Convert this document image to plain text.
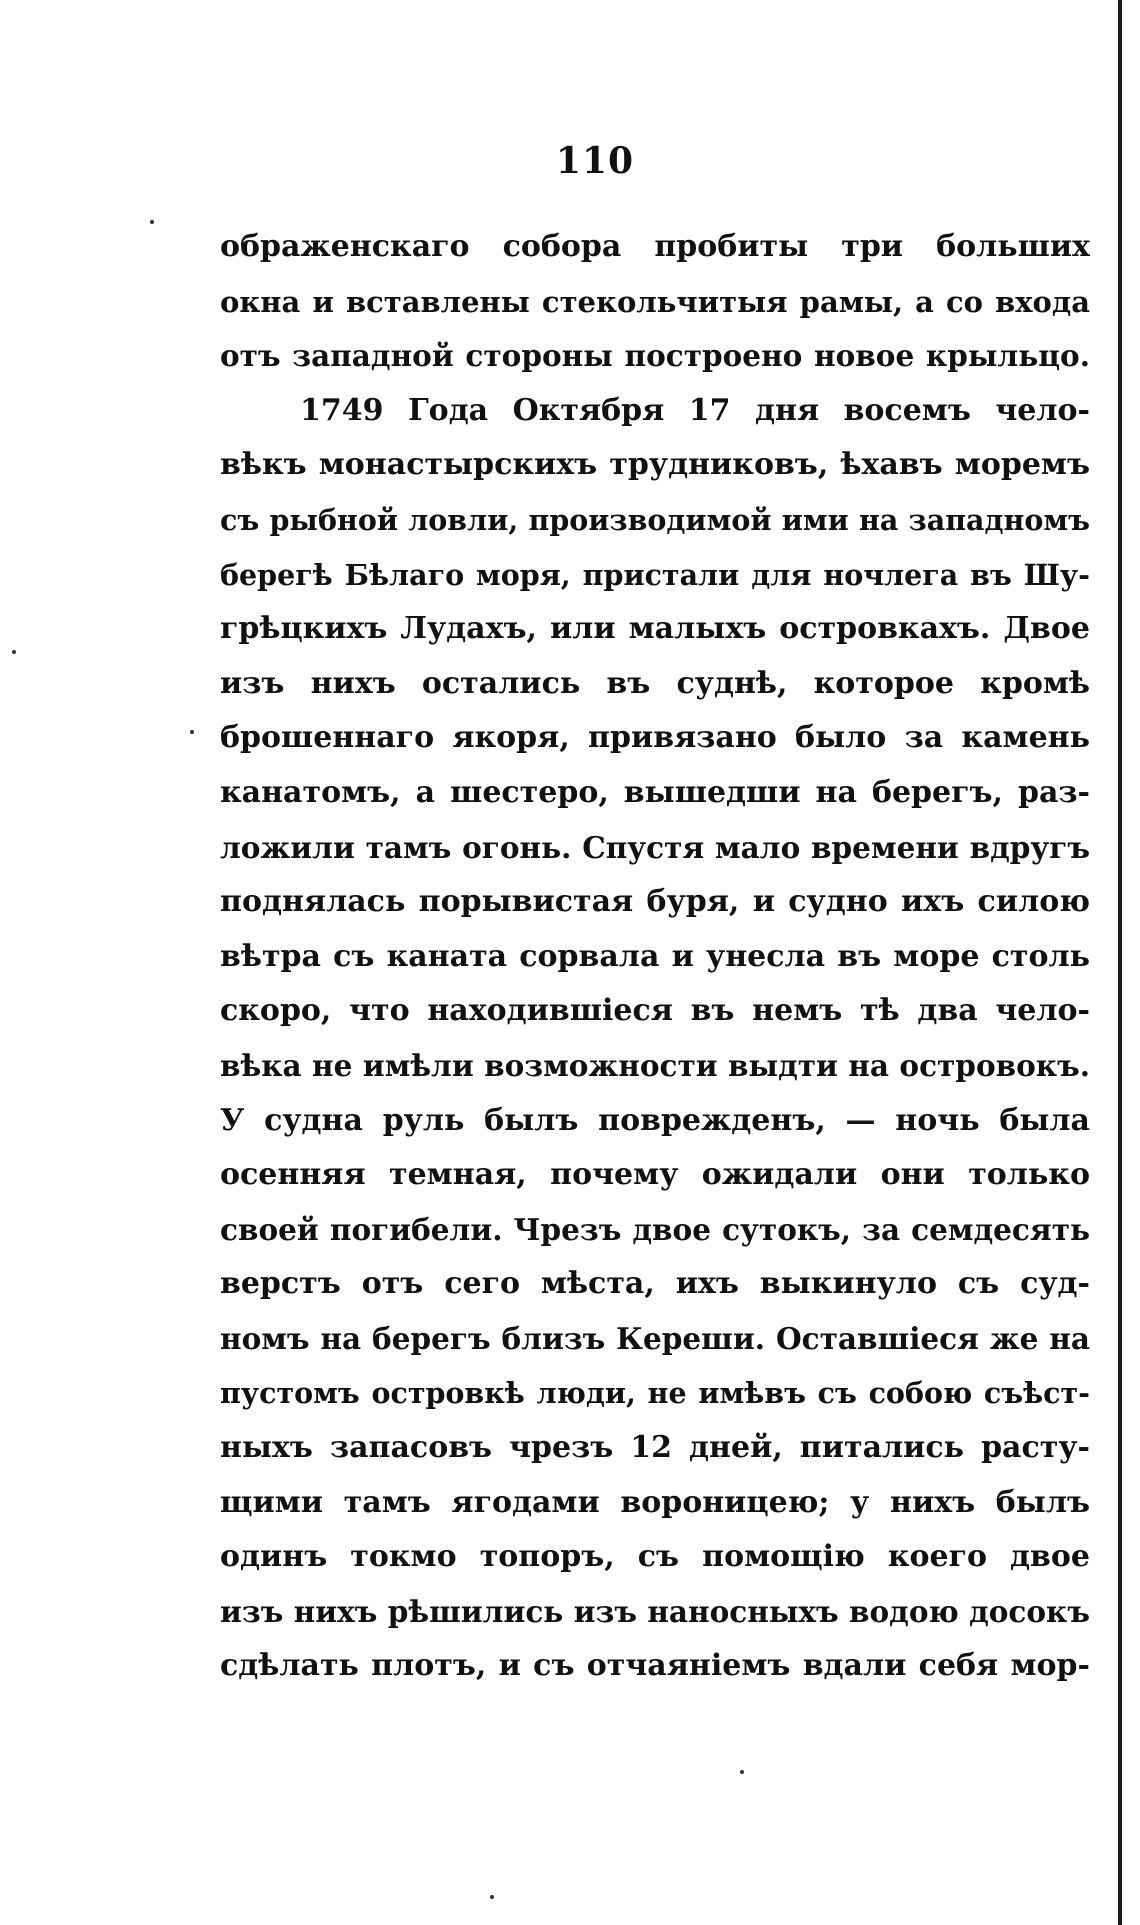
110
ображенскаго собора пробиты три больших
окна и вставлены стекольчитыя рамы, а со входа
отъ западной стороны построено новое крыльцо.
1749 Года Октября 17 дня восемъ чело-
вѣкъ монастырскихъ трудниковъ, ѣхавъ моремъ
съ рыбной ловли, производимой ими на западномъ
берегѣ Бѣлаго моря, пристали для ночлега въ Шу-
грѣцкихъ Лудахъ, или малыхъ островкахъ. Двое
изъ нихъ остались въ суднѣ, которое кромѣ
брошеннаго якоря, привязано было за камень
канатомъ, а шестеро, вышедши на берегъ, раз-
ложили тамъ огонь. Спустя мало времени вдругъ
поднялась порывистая буря, и судно ихъ силою
вѣтра съ каната сорвала и унесла въ море столь
скоро, что находившіеся въ немъ тѣ два чело-
вѣка не имѣли возможности выдти на островокъ.
У судна руль былъ поврежденъ, — ночь была
осенняя темная, почему ожидали они только
своей погибели. Чрезъ двое сутокъ, за семдесять
верстъ отъ сего мѣста, ихъ выкинуло съ суд-
номъ на берегъ близъ Кереши. Оставшіеся же на
пустомъ островкѣ люди, не имѣвъ съ собою съѣст-
ныхъ запасовъ чрезъ 12 дней, питались расту-
щими тамъ ягодами вороницею; у нихъ былъ
одинъ токмо топоръ, съ помощію коего двое
изъ нихъ рѣшились изъ наносныхъ водою досокъ
сдѣлать плотъ, и съ отчаяніемъ вдали себя мор-
